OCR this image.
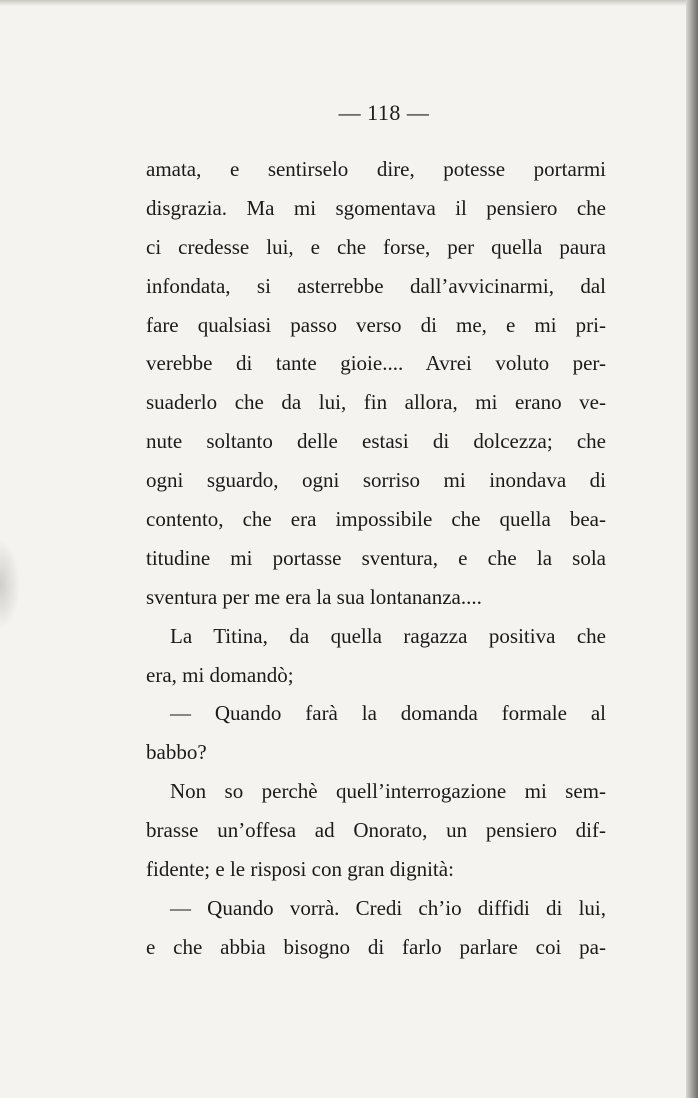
— 118 —
amata, e sentirselo dire, potesse portarmi
disgrazia. Ma mi sgomentava il pensiero che
ci credesse lui, e che forse, per quella paura
infondata, si asterrebbe dall’avvicinarmi, dal
fare qualsiasi passo verso di me, e mi pri-
verebbe di tante gioie.... Avrei voluto per-
suaderlo che da lui, fin allora, mi erano ve-
nute soltanto delle estasi di dolcezza; che
ogni sguardo, ogni sorriso mi inondava di
contento, che era impossibile che quella bea-
titudine mi portasse sventura, e che la sola
sventura per me era la sua lontananza....
La Titina, da quella ragazza positiva che
era, mi domandò;
— Quando farà la domanda formale al
babbo?
Non so perchè quell’interrogazione mi sem-
brasse un’offesa ad Onorato, un pensiero dif-
fidente; e le risposi con gran dignità:
— Quando vorrà. Credi ch’io diffidi di lui,
e che abbia bisogno di farlo parlare coi pa-
